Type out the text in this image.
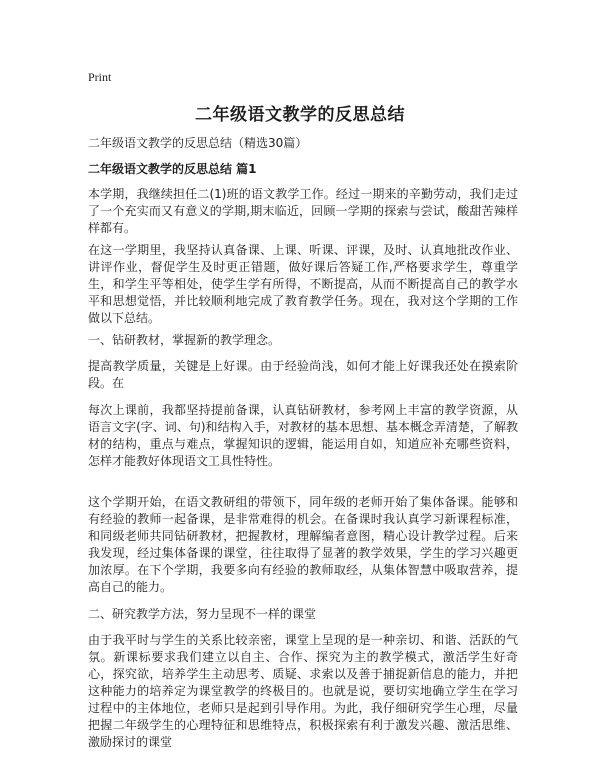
Print
二年级语文教学的反思总结
二年级语文教学的反思总结（精选30篇）
二年级语文教学的反思总结 篇1

本学期，我继续担任二(1)班的语文教学工作。经过一期来的辛勤劳动，我们走过了一个充实而又有意义的学期,期末临近，回顾一学期的探索与尝试，酸甜苦辣样样都有。

在这一学期里，我坚持认真备课、上课、听课、评课，及时、认真地批改作业、讲评作业，督促学生及时更正错题，做好课后答疑工作,严格要求学生，尊重学生，和学生平等相处，使学生学有所得，不断提高，从而不断提高自己的教学水平和思想觉悟，并比较顺利地完成了教育教学任务。现在，我对这个学期的工作做以下总结。

一、钻研教材，掌握新的教学理念。

提高教学质量，关键是上好课。由于经验尚浅，如何才能上好课我还处在摸索阶段。在

每次上课前，我都坚持提前备课，认真钻研教材，参考网上丰富的教学资源，从语言文字(字、词、句)和结构入手，对教材的基本思想、基本概念弄清楚，了解教材的结构，重点与难点，掌握知识的逻辑，能运用自如，知道应补充哪些资料，怎样才能教好体现语文工具性特性。

这个学期开始，在语文教研组的带领下，同年级的老师开始了集体备课。能够和有经验的教师一起备课，是非常难得的机会。在备课时我认真学习新课程标准，和同级老师共同钻研教材，把握教材，理解编者意图，精心设计教学过程。后来我发现，经过集体备课的课堂，往往取得了显著的教学效果，学生的学习兴趣更加浓厚。在下个学期，我要多向有经验的教师取经，从集体智慧中吸取营养，提高自己的能力。

二、研究教学方法，努力呈现不一样的课堂

由于我平时与学生的关系比较亲密，课堂上呈现的是一种亲切、和谐、活跃的气氛。新课标要求我们建立以自主、合作、探究为主的教学模式，激活学生好奇心，探究欲，培养学生主动思考、质疑、求索以及善于捕捉新信息的能力，并把这种能力的培养定为课堂教学的终极目的。也就是说，要切实地确立学生在学习过程中的主体地位，老师只是起到引导作用。为此，我仔细研究学生心理，尽量把握二年级学生的心理特征和思维特点，积极探索有利于激发兴趣、激活思维、激励探讨的课堂
